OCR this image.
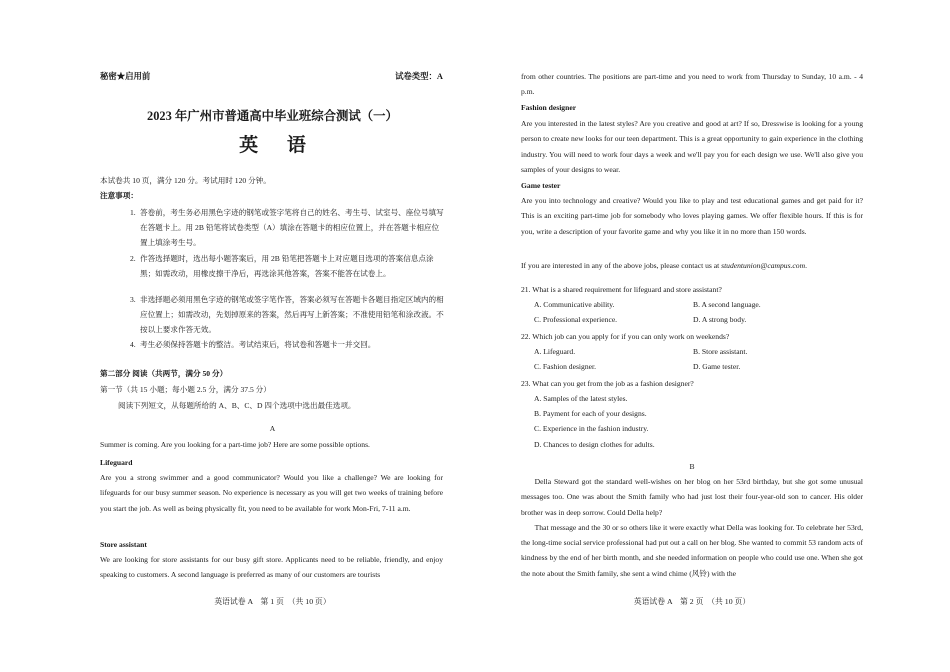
秘密★启用前	试卷类型：A
2023 年广州市普通高中毕业班综合测试（一）
英 语
本试卷共 10 页，满分 120 分。考试用时 120 分钟。
注意事项：
1. 答卷前，考生务必用黑色字迹的钢笔或签字笔将自己的姓名、考生号、试室号、座位号填写在答题卡上。用 2B 铅笔将试卷类型（A）填涂在答题卡的相应位置上，并在答题卡相应位置上填涂考生号。
2. 作答选择题时，选出每小题答案后，用 2B 铅笔把答题卡上对应题目选项的答案信息点涂黑；如需改动，用橡皮擦干净后，再选涂其他答案，答案不能答在试卷上。
3. 非选择题必须用黑色字迹的钢笔或签字笔作答，答案必须写在答题卡各题目指定区域内的相应位置上；如需改动，先划掉原来的答案，然后再写上新答案；不准使用铅笔和涂改液。不按以上要求作答无效。
4. 考生必须保持答题卡的整洁。考试结束后，将试卷和答题卡一并交回。
第二部分 阅读（共两节，满分 50 分）
第一节（共 15 小题；每小题 2.5 分，满分 37.5 分）
阅读下列短文，从每题所给的 A、B、C、D 四个选项中选出最佳选项。
A
Summer is coming. Are you looking for a part-time job? Here are some possible options.
Lifeguard

Are you a strong swimmer and a good communicator? Would you like a challenge? We are looking for lifeguards for our busy summer season. No experience is necessary as you will get two weeks of training before you start the job. As well as being physically fit, you need to be available for work Mon-Fri, 7-11 a.m.

Store assistant

We are looking for store assistants for our busy gift store. Applicants need to be reliable, friendly, and enjoy speaking to customers. A second language is preferred as many of our customers are tourists

英语试卷 A　第 1 页　（共 10 页）

from other countries. The positions are part-time and you need to work from Thursday to Sunday, 10 a.m. - 4 p.m.

Fashion designer

Are you interested in the latest styles? Are you creative and good at art? If so, Dresswise is looking for a young person to create new looks for our teen department. This is a great opportunity to gain experience in the clothing industry. You will need to work four days a week and we'll pay you for each design we use. We'll also give you samples of your designs to wear.

Game tester

Are you into technology and creative? Would you like to play and test educational games and get paid for it? This is an exciting part-time job for somebody who loves playing games. We offer flexible hours. If this is for you, write a description of your favorite game and why you like it in no more than 150 words.

If you are interested in any of the above jobs, please contact us at studentunion@campus.com.
21. What is a shared requirement for lifeguard and store assistant?
A. Communicative ability.	B. A second language.
C. Professional experience.	D. A strong body.
22. Which job can you apply for if you can only work on weekends?
A. Lifeguard.	B. Store assistant.
C. Fashion designer.	D. Game tester.
23. What can you get from the job as a fashion designer?
A. Samples of the latest styles.
B. Payment for each of your designs.
C. Experience in the fashion industry.
D. Chances to design clothes for adults.
B

Della Steward got the standard well-wishes on her blog on her 53rd birthday, but she got some unusual messages too. One was about the Smith family who had just lost their four-year-old son to cancer. His older brother was in deep sorrow. Could Della help?

That message and the 30 or so others like it were exactly what Della was looking for. To celebrate her 53rd, the long-time social service professional had put out a call on her blog. She wanted to commit 53 random acts of kindness by the end of her birth month, and she needed information on people who could use one. When she got the note about the Smith family, she sent a wind chime (风铃) with the

英语试卷 A　第 2 页　（共 10 页）
